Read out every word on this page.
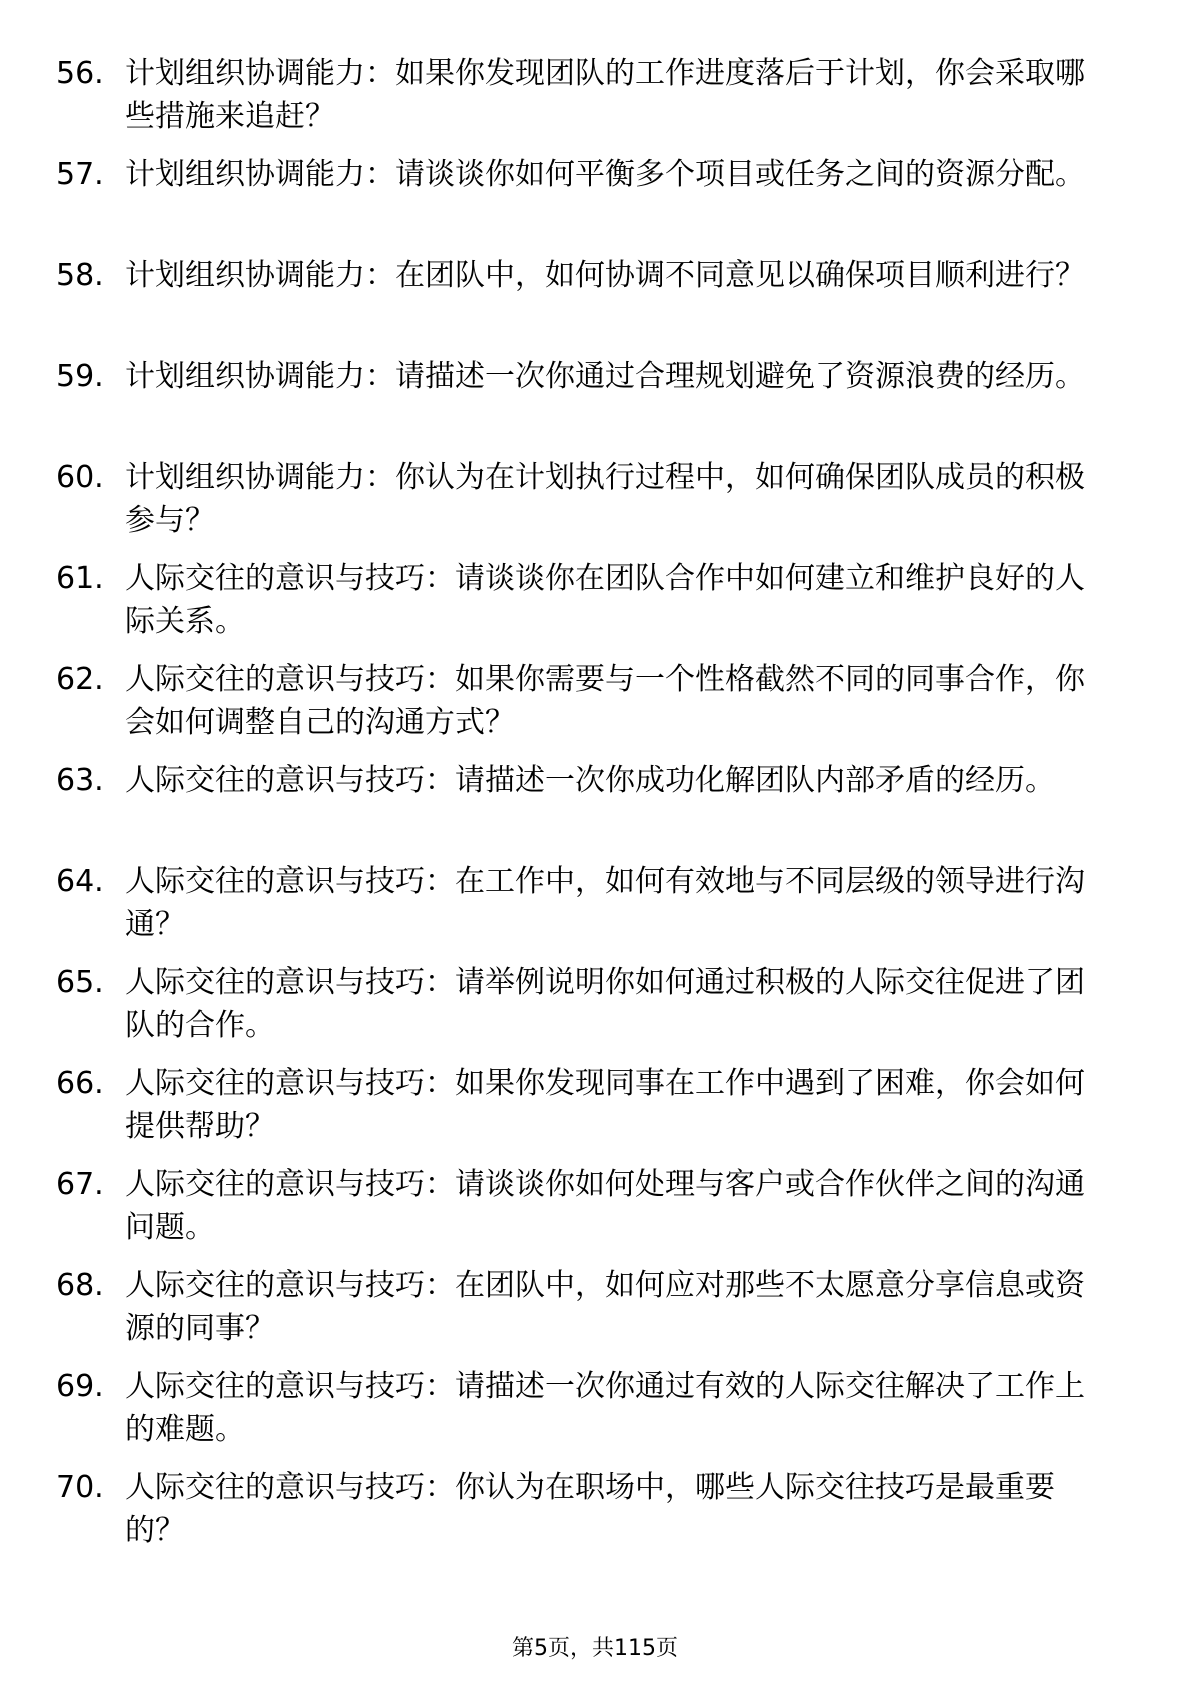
56. 计划组织协调能力：如果你发现团队的工作进度落后于计划，你会采取哪些措施来追赶？
57. 计划组织协调能力：请谈谈你如何平衡多个项目或任务之间的资源分配。
58. 计划组织协调能力：在团队中，如何协调不同意见以确保项目顺利进行？
59. 计划组织协调能力：请描述一次你通过合理规划避免了资源浪费的经历。
60. 计划组织协调能力：你认为在计划执行过程中，如何确保团队成员的积极参与？
61. 人际交往的意识与技巧：请谈谈你在团队合作中如何建立和维护良好的人际关系。
62. 人际交往的意识与技巧：如果你需要与一个性格截然不同的同事合作，你会如何调整自己的沟通方式？
63. 人际交往的意识与技巧：请描述一次你成功化解团队内部矛盾的经历。
64. 人际交往的意识与技巧：在工作中，如何有效地与不同层级的领导进行沟通？
65. 人际交往的意识与技巧：请举例说明你如何通过积极的人际交往促进了团队的合作。
66. 人际交往的意识与技巧：如果你发现同事在工作中遇到了困难，你会如何提供帮助？
67. 人际交往的意识与技巧：请谈谈你如何处理与客户或合作伙伴之间的沟通问题。
68. 人际交往的意识与技巧：在团队中，如何应对那些不太愿意分享信息或资源的同事？
69. 人际交往的意识与技巧：请描述一次你通过有效的人际交往解决了工作上的难题。
70. 人际交往的意识与技巧：你认为在职场中，哪些人际交往技巧是最重要的？
第5页，共115页
